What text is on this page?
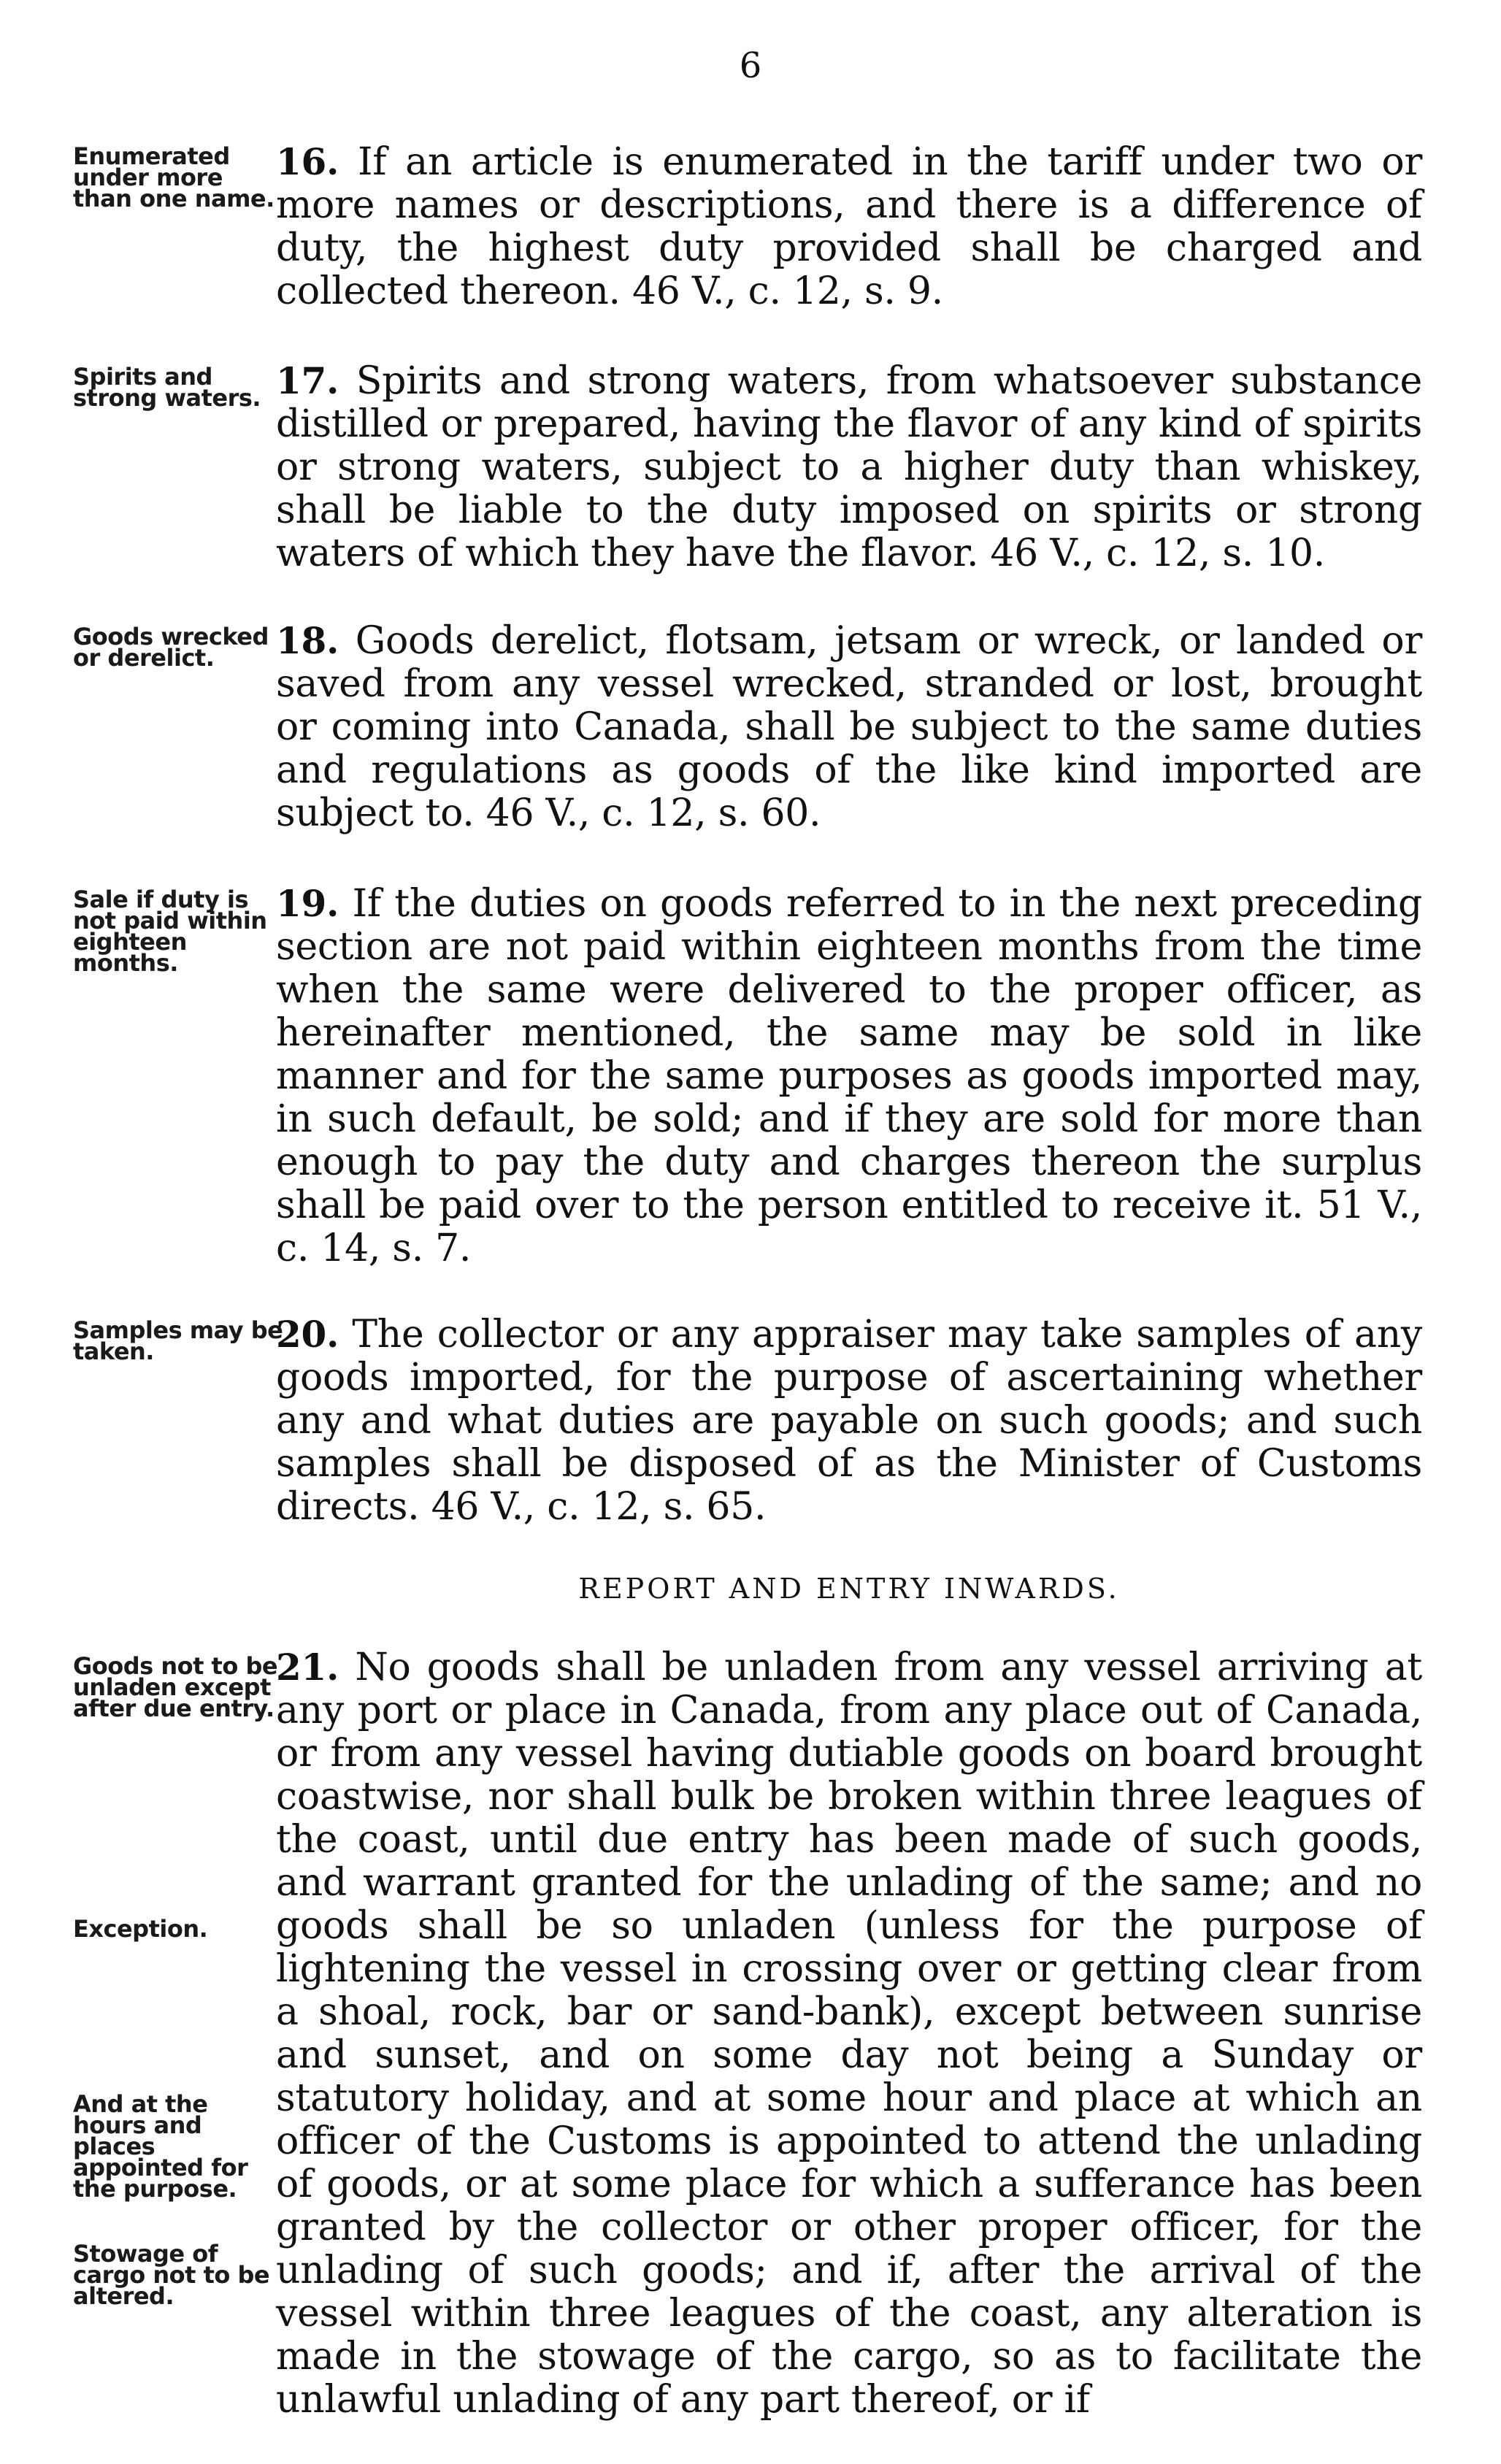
6
Enumerated under more than one name.
Spirits and strong waters.
Goods wrecked or derelict.
Sale if duty is not paid within eighteen months.
Samples may be taken.
Goods not to be unladen except after due entry.
Exception.
And at the hours and places appointed for the purpose.
Stowage of cargo not to be altered.
16. If an article is enumerated in the tariff under two or more names or descriptions, and there is a difference of duty, the highest duty provided shall be charged and collected thereon. 46 V., c. 12, s. 9.
17. Spirits and strong waters, from whatsoever substance distilled or prepared, having the flavor of any kind of spirits or strong waters, subject to a higher duty than whiskey, shall be liable to the duty imposed on spirits or strong waters of which they have the flavor. 46 V., c. 12, s. 10.
18. Goods derelict, flotsam, jetsam or wreck, or landed or saved from any vessel wrecked, stranded or lost, brought or coming into Canada, shall be subject to the same duties and regulations as goods of the like kind imported are subject to. 46 V., c. 12, s. 60.
19. If the duties on goods referred to in the next preceding section are not paid within eighteen months from the time when the same were delivered to the proper officer, as hereinafter mentioned, the same may be sold in like manner and for the same purposes as goods imported may, in such default, be sold; and if they are sold for more than enough to pay the duty and charges thereon the surplus shall be paid over to the person entitled to receive it. 51 V., c. 14, s. 7.
20. The collector or any appraiser may take samples of any goods imported, for the purpose of ascertaining whether any and what duties are payable on such goods; and such samples shall be disposed of as the Minister of Customs directs. 46 V., c. 12, s. 65.
REPORT AND ENTRY INWARDS.
21. No goods shall be unladen from any vessel arriving at any port or place in Canada, from any place out of Canada, or from any vessel having dutiable goods on board brought coastwise, nor shall bulk be broken within three leagues of the coast, until due entry has been made of such goods, and warrant granted for the unlading of the same; and no goods shall be so unladen (unless for the purpose of lightening the vessel in crossing over or getting clear from a shoal, rock, bar or sand-bank), except between sunrise and sunset, and on some day not being a Sunday or statutory holiday, and at some hour and place at which an officer of the Customs is appointed to attend the unlading of goods, or at some place for which a sufferance has been granted by the collector or other proper officer, for the unlading of such goods; and if, after the arrival of the vessel within three leagues of the coast, any alteration is made in the stowage of the cargo, so as to facilitate the unlawful unlading of any part thereof, or if
